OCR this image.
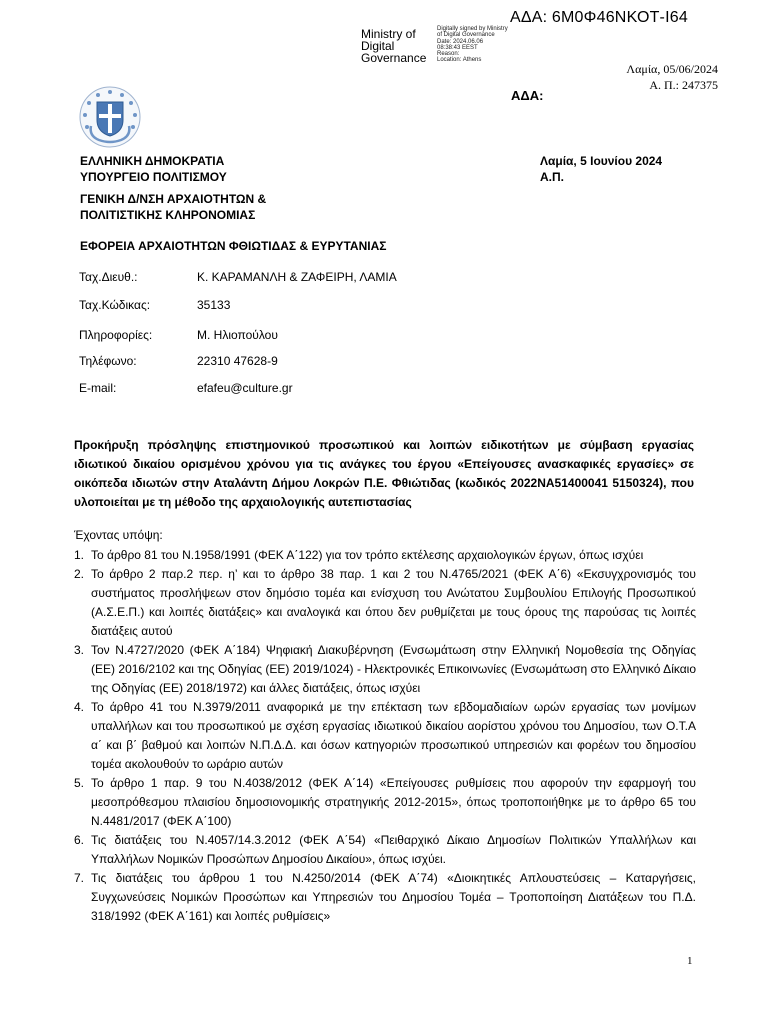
ΑΔΑ: 6Μ0Φ46ΝΚΟΤ-Ι64
Ministry of
Digital
Governance
Digitally signed by Ministry
of Digital Governance
Date: 2024.06.06
08:38:43 EEST
Reason:
Location: Athens
Λαμία, 05/06/2024
Α. Π.: 247375
ΑΔΑ:
ΕΛΛΗΝΙΚΗ ΔΗΜΟΚΡΑΤΙΑ
ΥΠΟΥΡΓΕΙΟ ΠΟΛΙΤΙΣΜΟΥ
Λαμία, 5 Ιουνίου 2024
Α.Π.
ΓΕΝΙΚΗ Δ/ΝΣΗ ΑΡΧΑΙΟΤΗΤΩΝ &
ΠΟΛΙΤΙΣΤΙΚΗΣ ΚΛΗΡΟΝΟΜΙΑΣ
ΕΦΟΡΕΙΑ ΑΡΧΑΙΟΤΗΤΩΝ ΦΘΙΩΤΙΔΑΣ & ΕΥΡΥΤΑΝΙΑΣ
Ταχ.Διευθ.:	Κ. ΚΑΡΑΜΑΝΛΗ & ΖΑΦΕΙΡΗ, ΛΑΜΙΑ
Ταχ.Κώδικας:	35133
Πληροφορίες:	Μ. Ηλιοπούλου
Τηλέφωνο:	22310 47628-9
E-mail:	efafeu@culture.gr
Προκήρυξη πρόσληψης επιστημονικού προσωπικού και λοιπών ειδικοτήτων με σύμβαση εργασίας ιδιωτικού δικαίου ορισμένου χρόνου για τις ανάγκες του έργου «Επείγουσες ανασκαφικές εργασίες» σε οικόπεδα ιδιωτών στην Αταλάντη Δήμου Λοκρών Π.Ε. Φθιώτιδας (κωδικός 2022ΝΑ51400041 5150324), που υλοποιείται με τη μέθοδο της αρχαιολογικής αυτεπιστασίας
Έχοντας υπόψη:
1. Το άρθρο 81 του Ν.1958/1991 (ΦΕΚ Α΄122) για τον τρόπο εκτέλεσης αρχαιολογικών έργων, όπως ισχύει
2. Το άρθρο 2 παρ.2 περ. η’ και το άρθρο 38 παρ. 1 και 2 του Ν.4765/2021 (ΦΕΚ Α΄6) «Εκσυγχρονισμός του συστήματος προσλήψεων στον δημόσιο τομέα και ενίσχυση του Ανώτατου Συμβουλίου Επιλογής Προσωπικού (Α.Σ.Ε.Π.) και λοιπές διατάξεις» και αναλογικά και όπου δεν ρυθμίζεται με τους όρους της παρούσας τις λοιπές διατάξεις αυτού
3. Τον Ν.4727/2020 (ΦΕΚ Α΄184) Ψηφιακή Διακυβέρνηση (Ενσωμάτωση στην Ελληνική Νομοθεσία της Οδηγίας (ΕΕ) 2016/2102 και της Οδηγίας (ΕΕ) 2019/1024) - Ηλεκτρονικές Επικοινωνίες (Ενσωμάτωση στο Ελληνικό Δίκαιο της Οδηγίας (ΕΕ) 2018/1972) και άλλες διατάξεις, όπως ισχύει
4. Το άρθρο 41 του Ν.3979/2011 αναφορικά με την επέκταση των εβδομαδιαίων ωρών εργασίας των μονίμων υπαλλήλων και του προσωπικού με σχέση εργασίας ιδιωτικού δικαίου αορίστου χρόνου του Δημοσίου, των Ο.Τ.Α α΄ και β΄ βαθμού και λοιπών Ν.Π.Δ.Δ. και όσων κατηγοριών προσωπικού υπηρεσιών και φορέων του δημοσίου τομέα ακολουθούν το ωράριο αυτών
5. Το άρθρο 1 παρ. 9 του Ν.4038/2012 (ΦΕΚ Α΄14) «Επείγουσες ρυθμίσεις που αφορούν την εφαρμογή του μεσοπρόθεσμου πλαισίου δημοσιονομικής στρατηγικής 2012-2015», όπως τροποποιήθηκε με το άρθρο 65 του Ν.4481/2017 (ΦΕΚ Α΄100)
6. Τις διατάξεις του Ν.4057/14.3.2012 (ΦΕΚ Α΄54) «Πειθαρχικό Δίκαιο Δημοσίων Πολιτικών Υπαλλήλων και Υπαλλήλων Νομικών Προσώπων Δημοσίου Δικαίου», όπως ισχύει.
7. Τις διατάξεις του άρθρου 1 του Ν.4250/2014 (ΦΕΚ Α΄74) «Διοικητικές Απλουστεύσεις – Καταργήσεις, Συγχωνεύσεις Νομικών Προσώπων και Υπηρεσιών του Δημοσίου Τομέα – Τροποποίηση Διατάξεων του Π.Δ. 318/1992 (ΦΕΚ Α΄161) και λοιπές ρυθμίσεις»
1
